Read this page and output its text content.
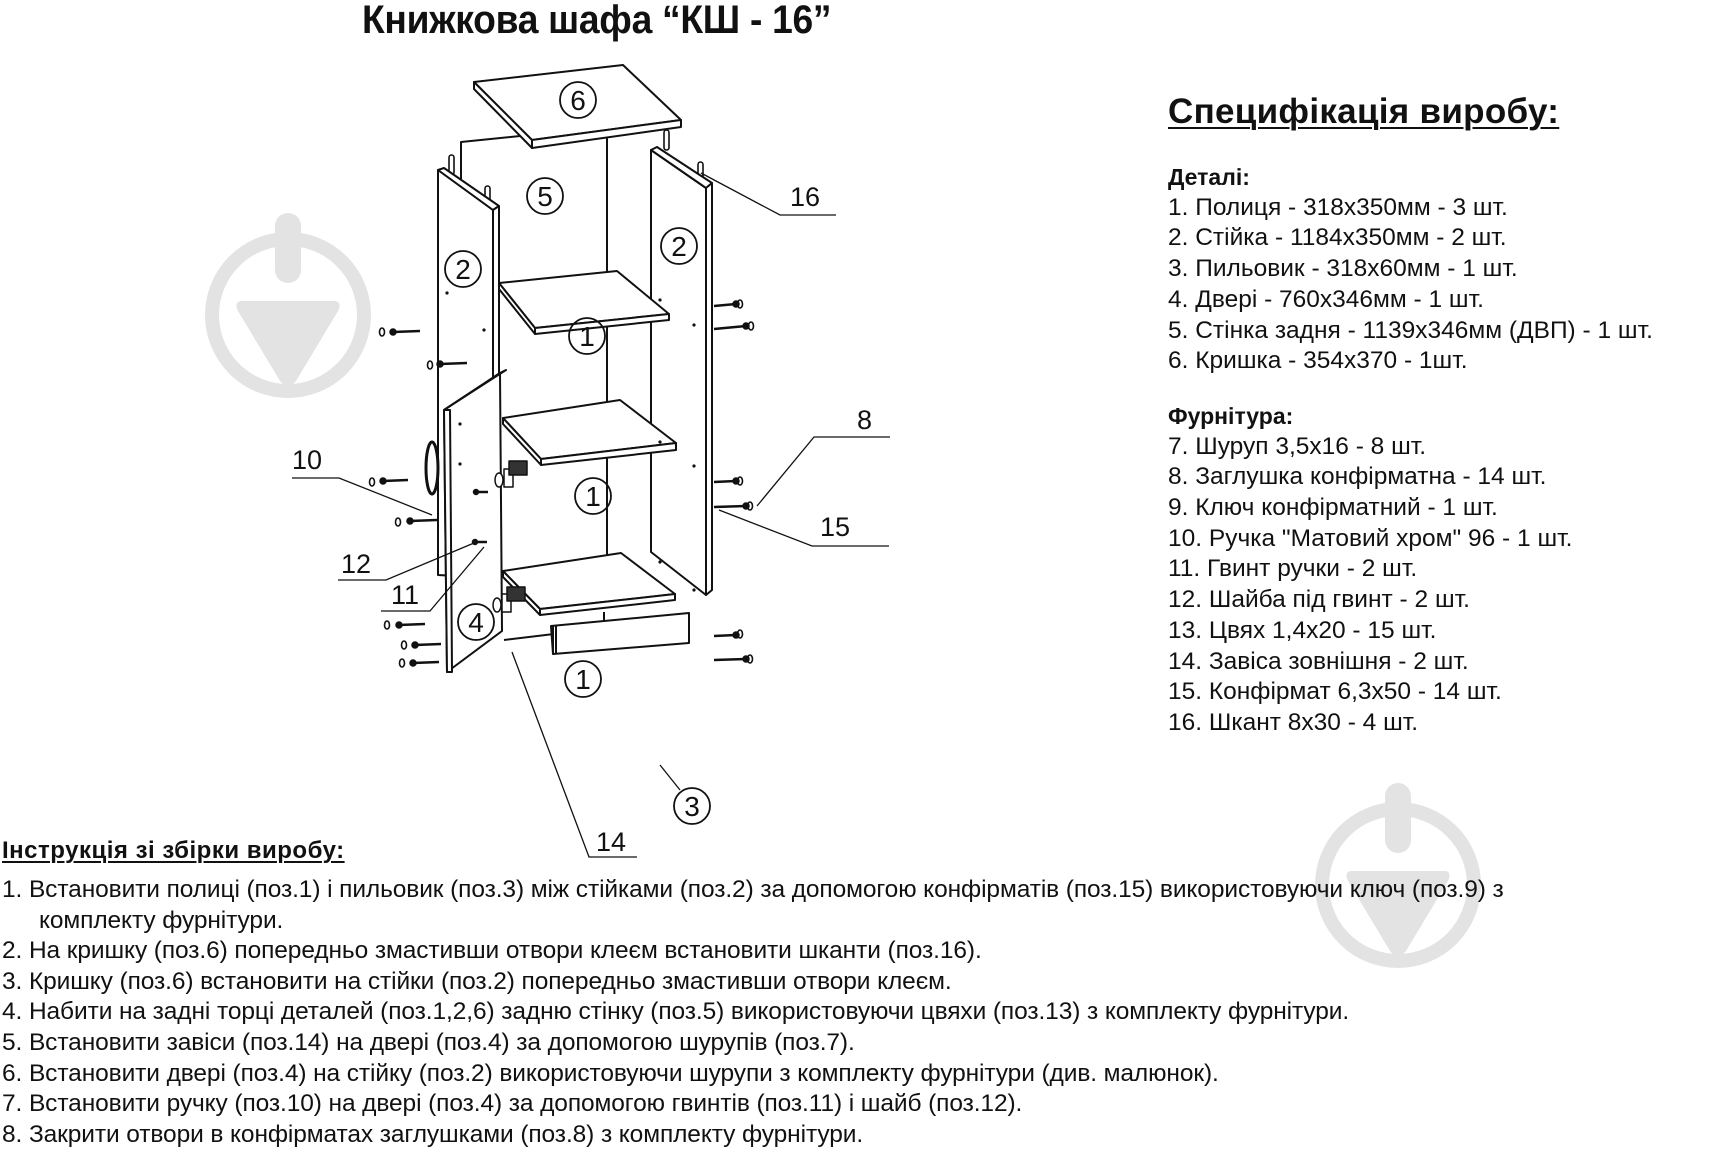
Книжкова шафа “КШ - 16”
6
5
2
2
1
1
4
1
3
16
8
15
10
12
11
14
Специфікація виробу:
Деталі:
1. Полиця - 318х350мм - 3 шт.
2. Стійка - 1184х350мм - 2 шт.
3. Пильовик - 318х60мм - 1 шт.
4. Двері - 760х346мм - 1 шт.
5. Стінка задня - 1139х346мм (ДВП) - 1 шт.
6. Кришка - 354х370 - 1шт.
Фурнітура:
7. Шуруп 3,5х16 - 8 шт.
8. Заглушка конфірматна - 14 шт.
9. Ключ конфірматний - 1 шт.
10. Ручка "Матовий хром" 96 - 1 шт.
11. Гвинт ручки - 2 шт.
12. Шайба під гвинт - 2 шт.
13. Цвях 1,4х20 - 15 шт.
14. Завіса зовнішня - 2 шт.
15. Конфірмат 6,3х50 - 14 шт.
16. Шкант 8х30 - 4 шт.
Інструкція зі збірки виробу:
1. Встановити полиці (поз.1) і пильовик (поз.3) між стійками (поз.2) за допомогою конфірматів (поз.15) використовуючи ключ (поз.9) з
комплекту фурнітури.
2. На кришку (поз.6) попередньо змастивши отвори клеєм встановити шканти (поз.16).
3. Кришку (поз.6) встановити на стійки (поз.2) попередньо змастивши отвори клеєм.
4. Набити на задні торці деталей (поз.1,2,6) задню стінку (поз.5) використовуючи цвяхи (поз.13) з комплекту фурнітури.
5. Встановити завіси (поз.14) на двері (поз.4) за допомогою шурупів (поз.7).
6. Встановити двері (поз.4) на стійку (поз.2) використовуючи шурупи з комплекту фурнітури (див. малюнок).
7. Встановити ручку (поз.10) на двері (поз.4) за допомогою гвинтів (поз.11) і шайб (поз.12).
8. Закрити отвори в конфірматах заглушками (поз.8) з комплекту фурнітури.
